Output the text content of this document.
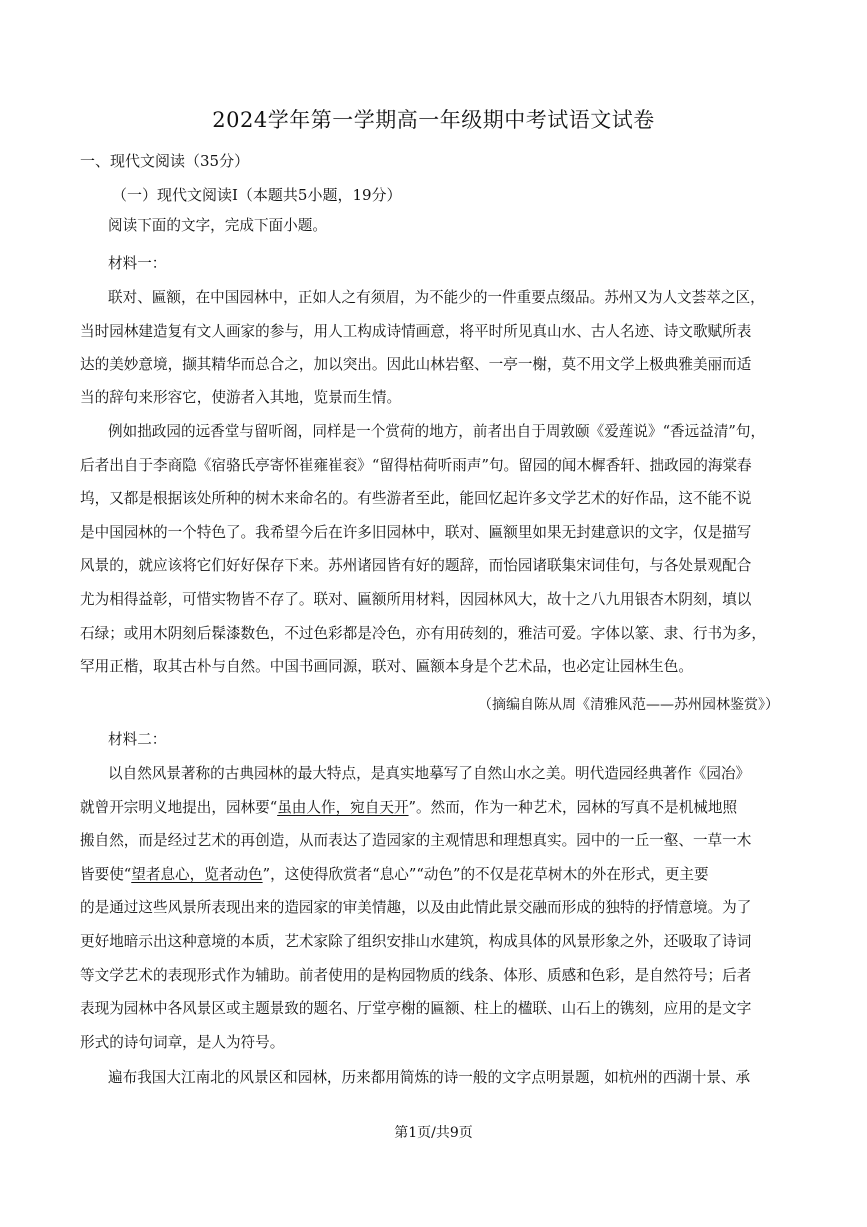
2024学年第一学期高一年级期中考试语文试卷
一、现代文阅读（35分）
（一）现代文阅读Ⅰ（本题共5小题，19分）
阅读下面的文字，完成下面小题。
材料一：
联对、匾额，在中国园林中，正如人之有须眉，为不能少的一件重要点缀品。苏州又为人文荟萃之区，
当时园林建造复有文人画家的参与，用人工构成诗情画意，将平时所见真山水、古人名迹、诗文歌赋所表
达的美妙意境，撷其精华而总合之，加以突出。因此山林岩壑、一亭一榭，莫不用文学上极典雅美丽而适
当的辞句来形容它，使游者入其地，览景而生情。
例如拙政园的远香堂与留听阁，同样是一个赏荷的地方，前者出自于周敦颐《爱莲说》“香远益清”句，
后者出自于李商隐《宿骆氏亭寄怀崔雍崔衮》“留得枯荷听雨声”句。留园的闻木樨香轩、拙政园的海棠春
坞，又都是根据该处所种的树木来命名的。有些游者至此，能回忆起许多文学艺术的好作品，这不能不说
是中国园林的一个特色了。我希望今后在许多旧园林中，联对、匾额里如果无封建意识的文字，仅是描写
风景的，就应该将它们好好保存下来。苏州诸园皆有好的题辞，而怡园诸联集宋词佳句，与各处景观配合
尤为相得益彰，可惜实物皆不存了。联对、匾额所用材料，因园林风大，故十之八九用银杏木阴刻，填以
石绿；或用木阴刻后髹漆数色，不过色彩都是冷色，亦有用砖刻的，雅洁可爱。字体以篆、隶、行书为多，
罕用正楷，取其古朴与自然。中国书画同源，联对、匾额本身是个艺术品，也必定让园林生色。
（摘编自陈从周《清雅风范——苏州园林鉴赏》）
材料二：
以自然风景著称的古典园林的最大特点，是真实地摹写了自然山水之美。明代造园经典著作《园冶》
就曾开宗明义地提出，园林要“虽由人作，宛自天开”。然而，作为一种艺术，园林的写真不是机械地照
搬自然，而是经过艺术的再创造，从而表达了造园家的主观情思和理想真实。园中的一丘一壑、一草一木
皆要使“望者息心，览者动色”，这使得欣赏者“息心”“动色”的不仅是花草树木的外在形式，更主要
的是通过这些风景所表现出来的造园家的审美情趣，以及由此情此景交融而形成的独特的抒情意境。为了
更好地暗示出这种意境的本质，艺术家除了组织安排山水建筑，构成具体的风景形象之外，还吸取了诗词
等文学艺术的表现形式作为辅助。前者使用的是构园物质的线条、体形、质感和色彩，是自然符号；后者
表现为园林中各风景区或主题景致的题名、厅堂亭榭的匾额、柱上的楹联、山石上的镌刻，应用的是文字
形式的诗句词章，是人为符号。
遍布我国大江南北的风景区和园林，历来都用简炼的诗一般的文字点明景题，如杭州的西湖十景、承
第1页/共9页
